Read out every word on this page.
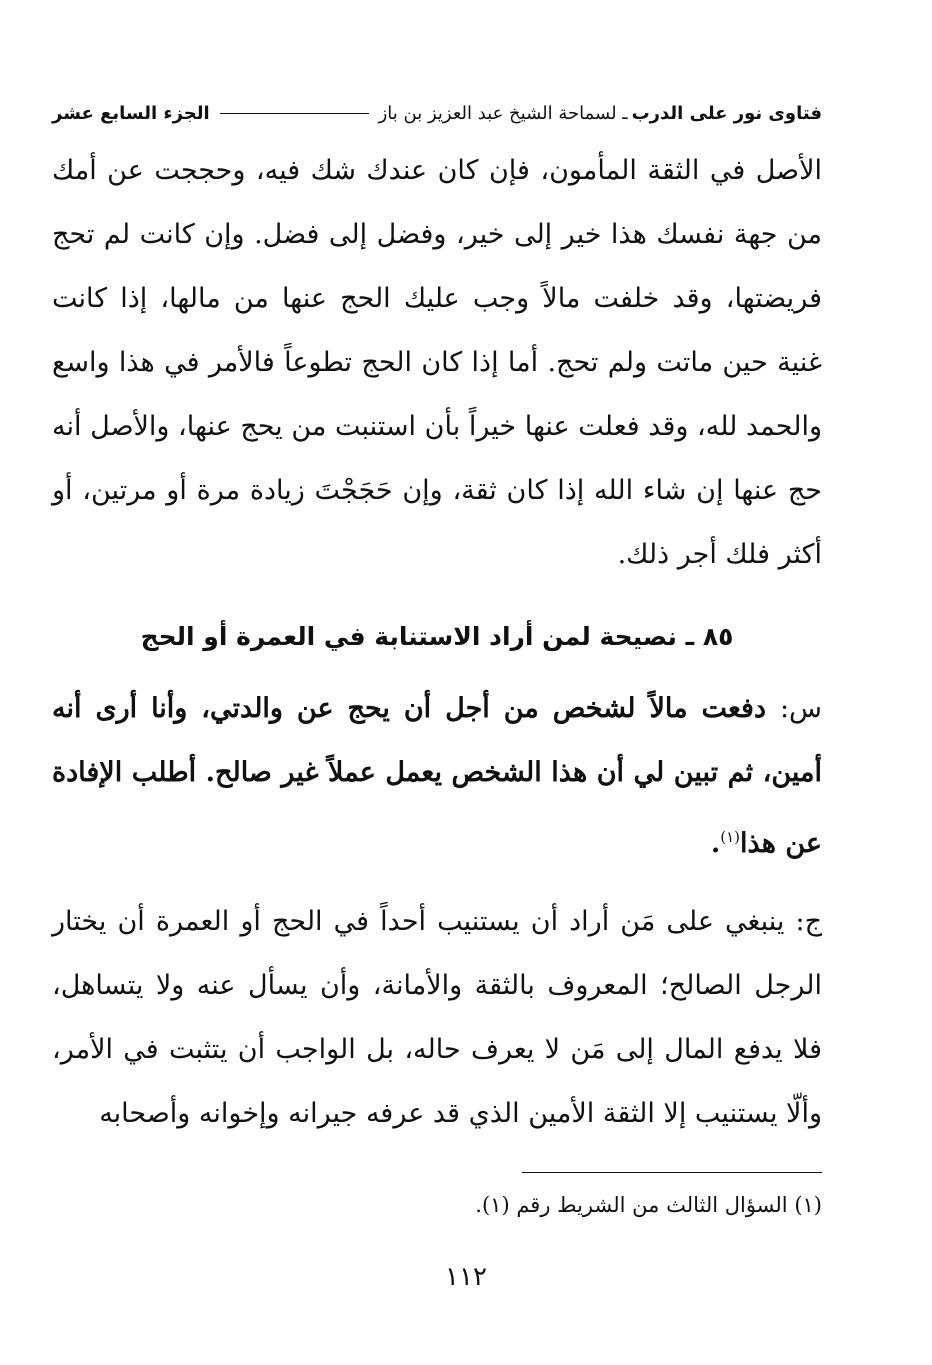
فتاوى نور على الدرب
ـ لسماحة الشيخ عبد العزيز بن باز
الجزء السابع عشر

الأصل في الثقة المأمون، فإن كان عندك شك فيه، وحججت عن أمك من جهة نفسك هذا خير إلى خير، وفضل إلى فضل. وإن كانت لم تحج فريضتها، وقد خلفت مالاً وجب عليك الحج عنها من مالها، إذا كانت غنية حين ماتت ولم تحج. أما إذا كان الحج تطوعاً فالأمر في هذا واسع والحمد لله، وقد فعلت عنها خيراً بأن استنبت من يحج عنها، والأصل أنه حج عنها إن شاء الله إذا كان ثقة، وإن حَجَجْتَ زيادة مرة أو مرتين، أو أكثر فلك أجر ذلك.

٨٥ ـ نصيحة لمن أراد الاستنابة في العمرة أو الحج

س: دفعت مالاً لشخص من أجل أن يحج عن والدتي، وأنا أرى أنه أمين، ثم تبين لي أن هذا الشخص يعمل عملاً غير صالح. أطلب الإفادة عن هذا$^{(١)}$.

ج: ينبغي على مَن أراد أن يستنيب أحداً في الحج أو العمرة أن يختار الرجل الصالح؛ المعروف بالثقة والأمانة، وأن يسأل عنه ولا يتساهل، فلا يدفع المال إلى مَن لا يعرف حاله، بل الواجب أن يتثبت في الأمر، وألّا يستنيب إلا الثقة الأمين الذي قد عرفه جيرانه وإخوانه وأصحابه

(١) السؤال الثالث من الشريط رقم (١).
١١٢
